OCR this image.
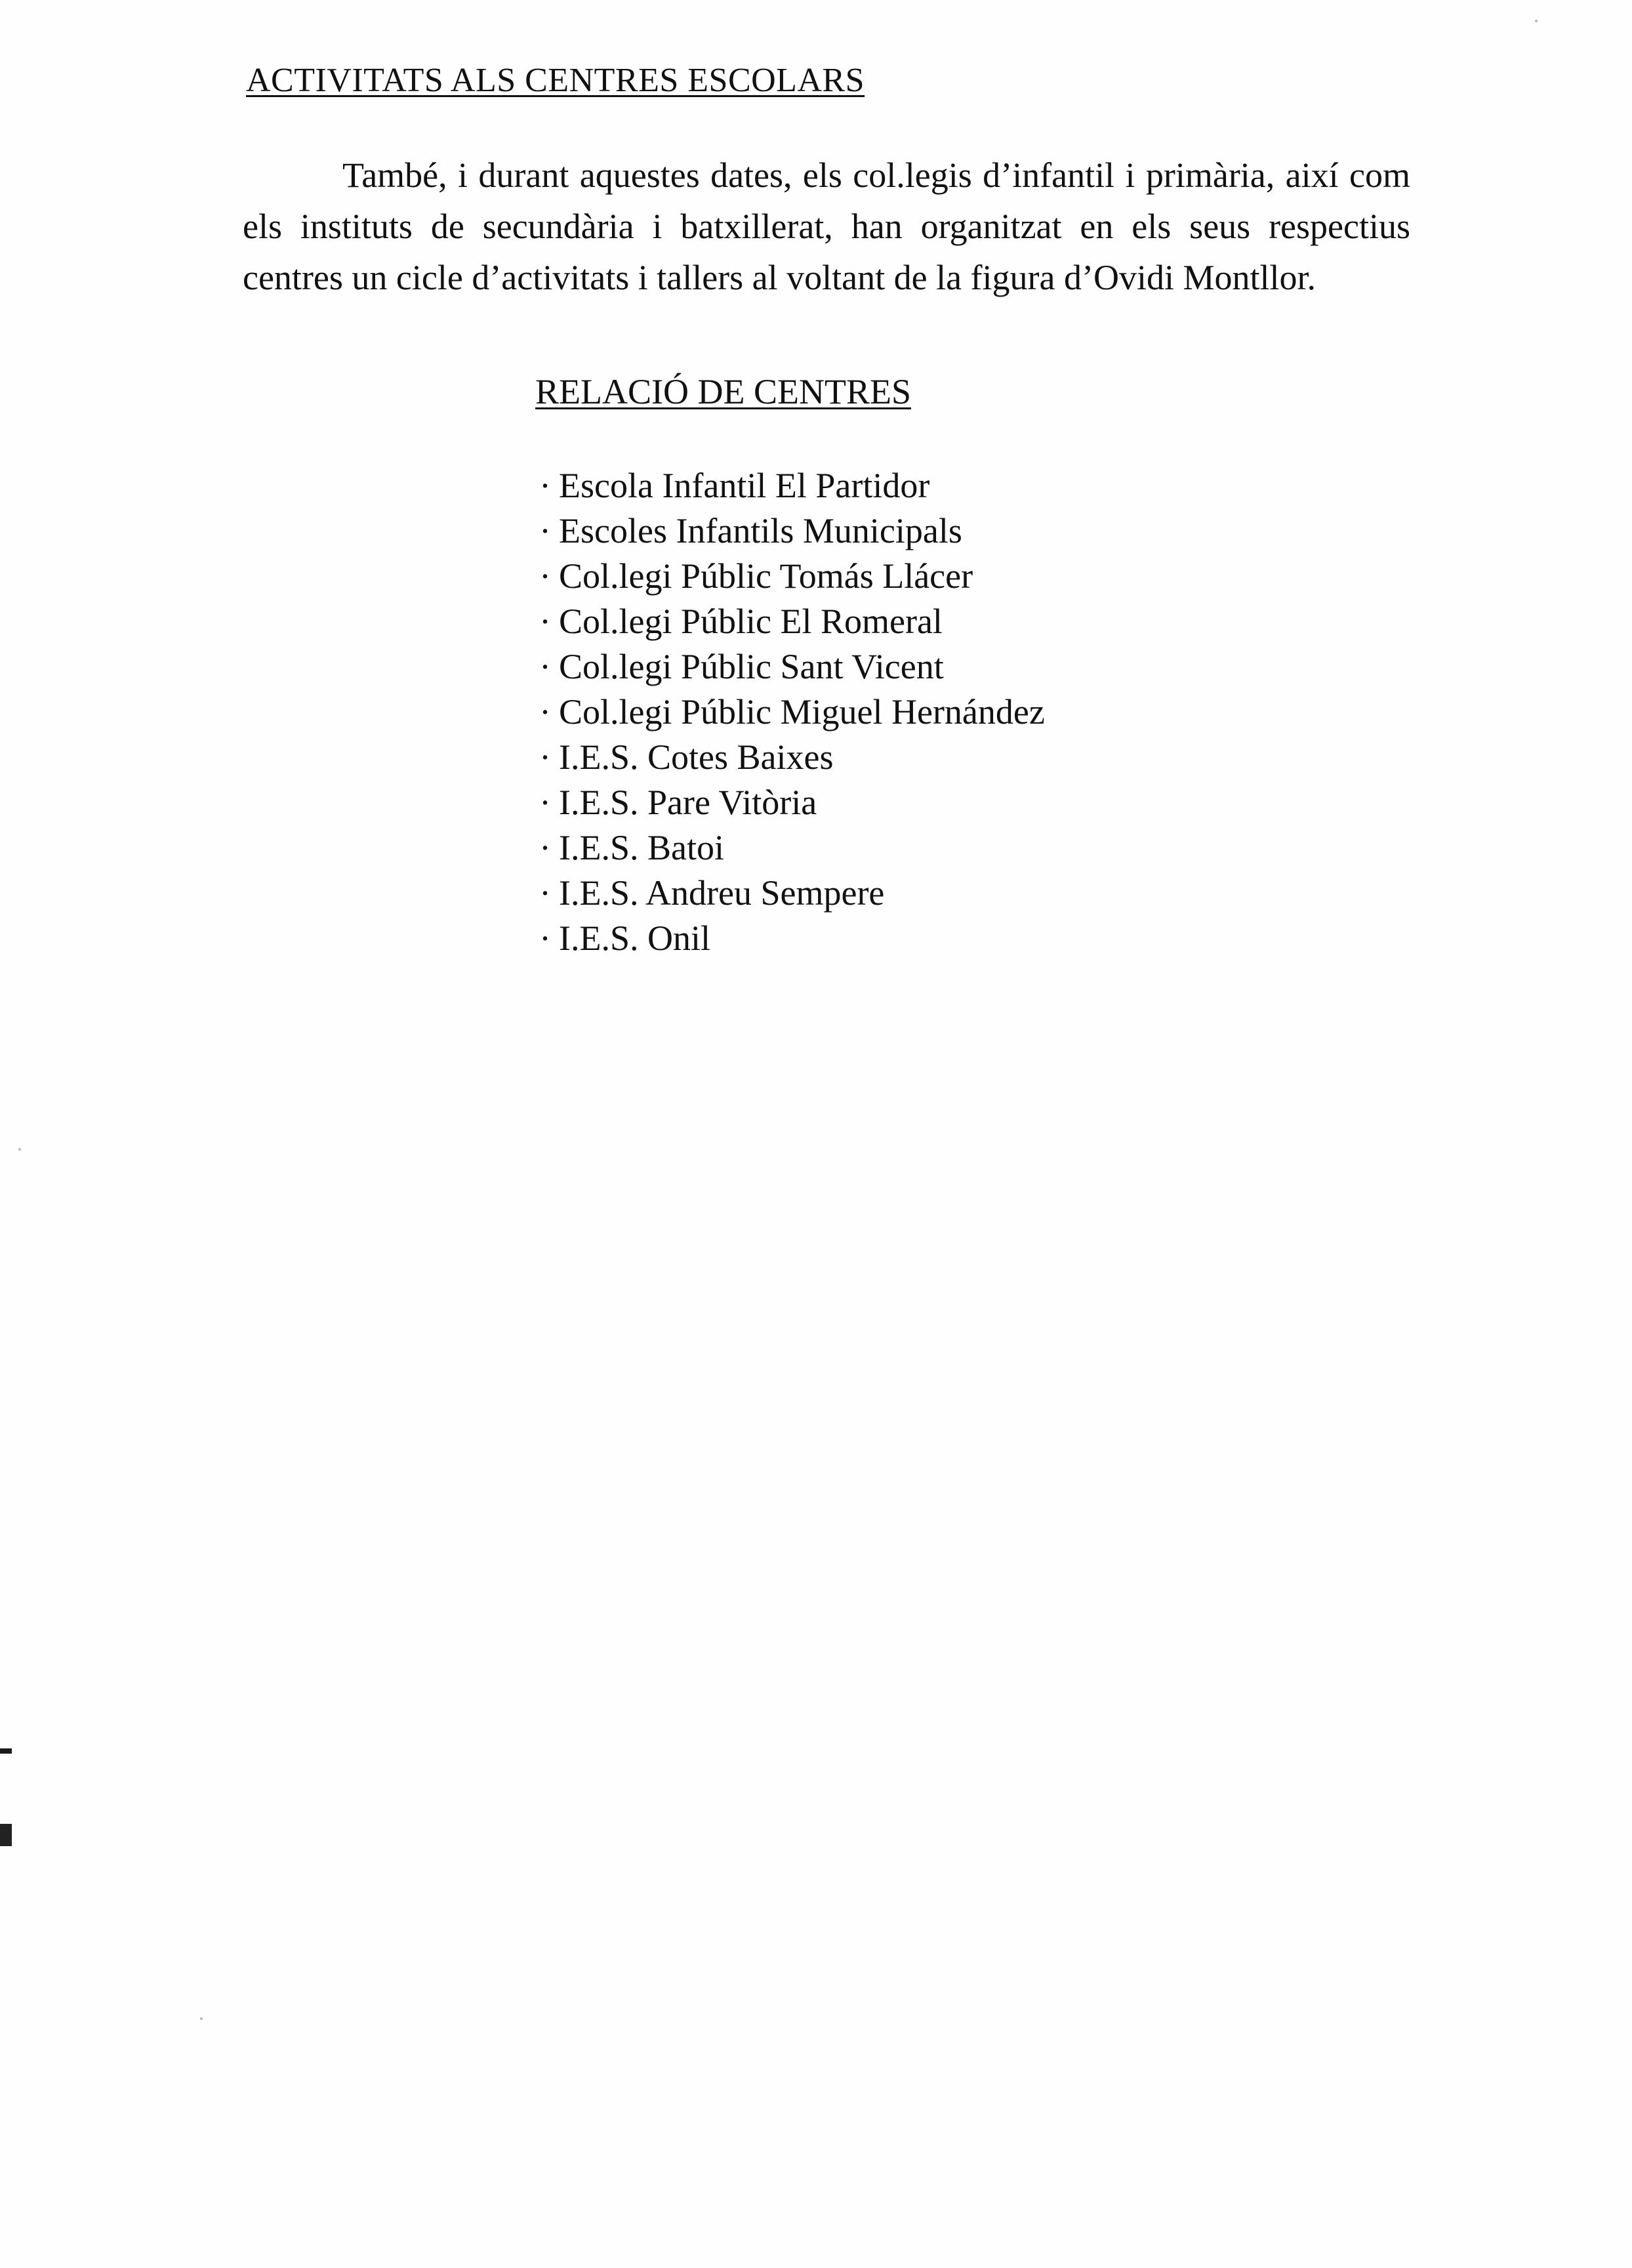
ACTIVITATS ALS CENTRES ESCOLARS

També, i durant aquestes dates, els col.legis d’infantil i primària, així com els instituts de secundària i batxillerat, han organitzat en els seus respectius centres un cicle d’activitats i tallers al voltant de la figura d’Ovidi Montllor.

RELACIÓ DE CENTRES
· Escola Infantil El Partidor
· Escoles Infantils Municipals
· Col.legi Públic Tomás Llácer
· Col.legi Públic El Romeral
· Col.legi Públic Sant Vicent
· Col.legi Públic Miguel Hernández
· I.E.S. Cotes Baixes
· I.E.S. Pare Vitòria
· I.E.S. Batoi
· I.E.S. Andreu Sempere
· I.E.S. Onil
